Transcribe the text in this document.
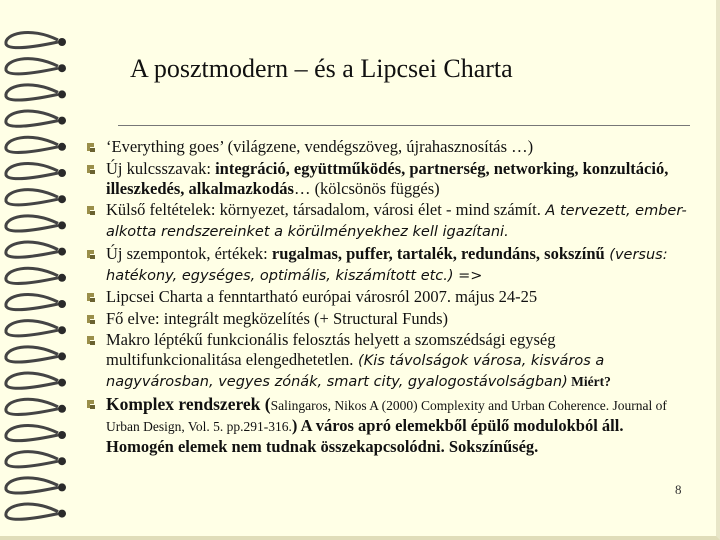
A posztmodern – és a Lipcsei Charta
‘Everything goes’ (világzene, vendégszöveg, újrahasznosítás …)
Új kulcsszavak: integráció, együttműködés, partnerség, networking, konzultáció, illeszkedés, alkalmazkodás… (kölcsönös függés)
Külső feltételek: környezet, társadalom, városi élet - mind számít. A tervezett, ember-alkotta rendszereinket a körülményekhez kell igazítani.
Új szempontok, értékek: rugalmas, puffer, tartalék, redundáns, sokszínű (versus: hatékony, egységes, optimális, kiszámított etc.) =>
Lipcsei Charta a fenntartható európai városról 2007. május 24-25
Fő elve: integrált megközelítés (+ Structural Funds)
Makro léptékű funkcionális felosztás helyett a szomszédsági egység multifunkcionalitása elengedhetetlen. (Kis távolságok városa, kisváros a nagyvárosban, vegyes zónák, smart city, gyalogostávolságban) Miért?
Komplex rendszerek (Salingaros, Nikos A (2000) Complexity and Urban Coherence. Journal of Urban Design, Vol. 5. pp.291-316.) A város apró elemekből épülő modulokból áll. Homogén elemek nem tudnak összekapcsolódni. Sokszínűség.
8
